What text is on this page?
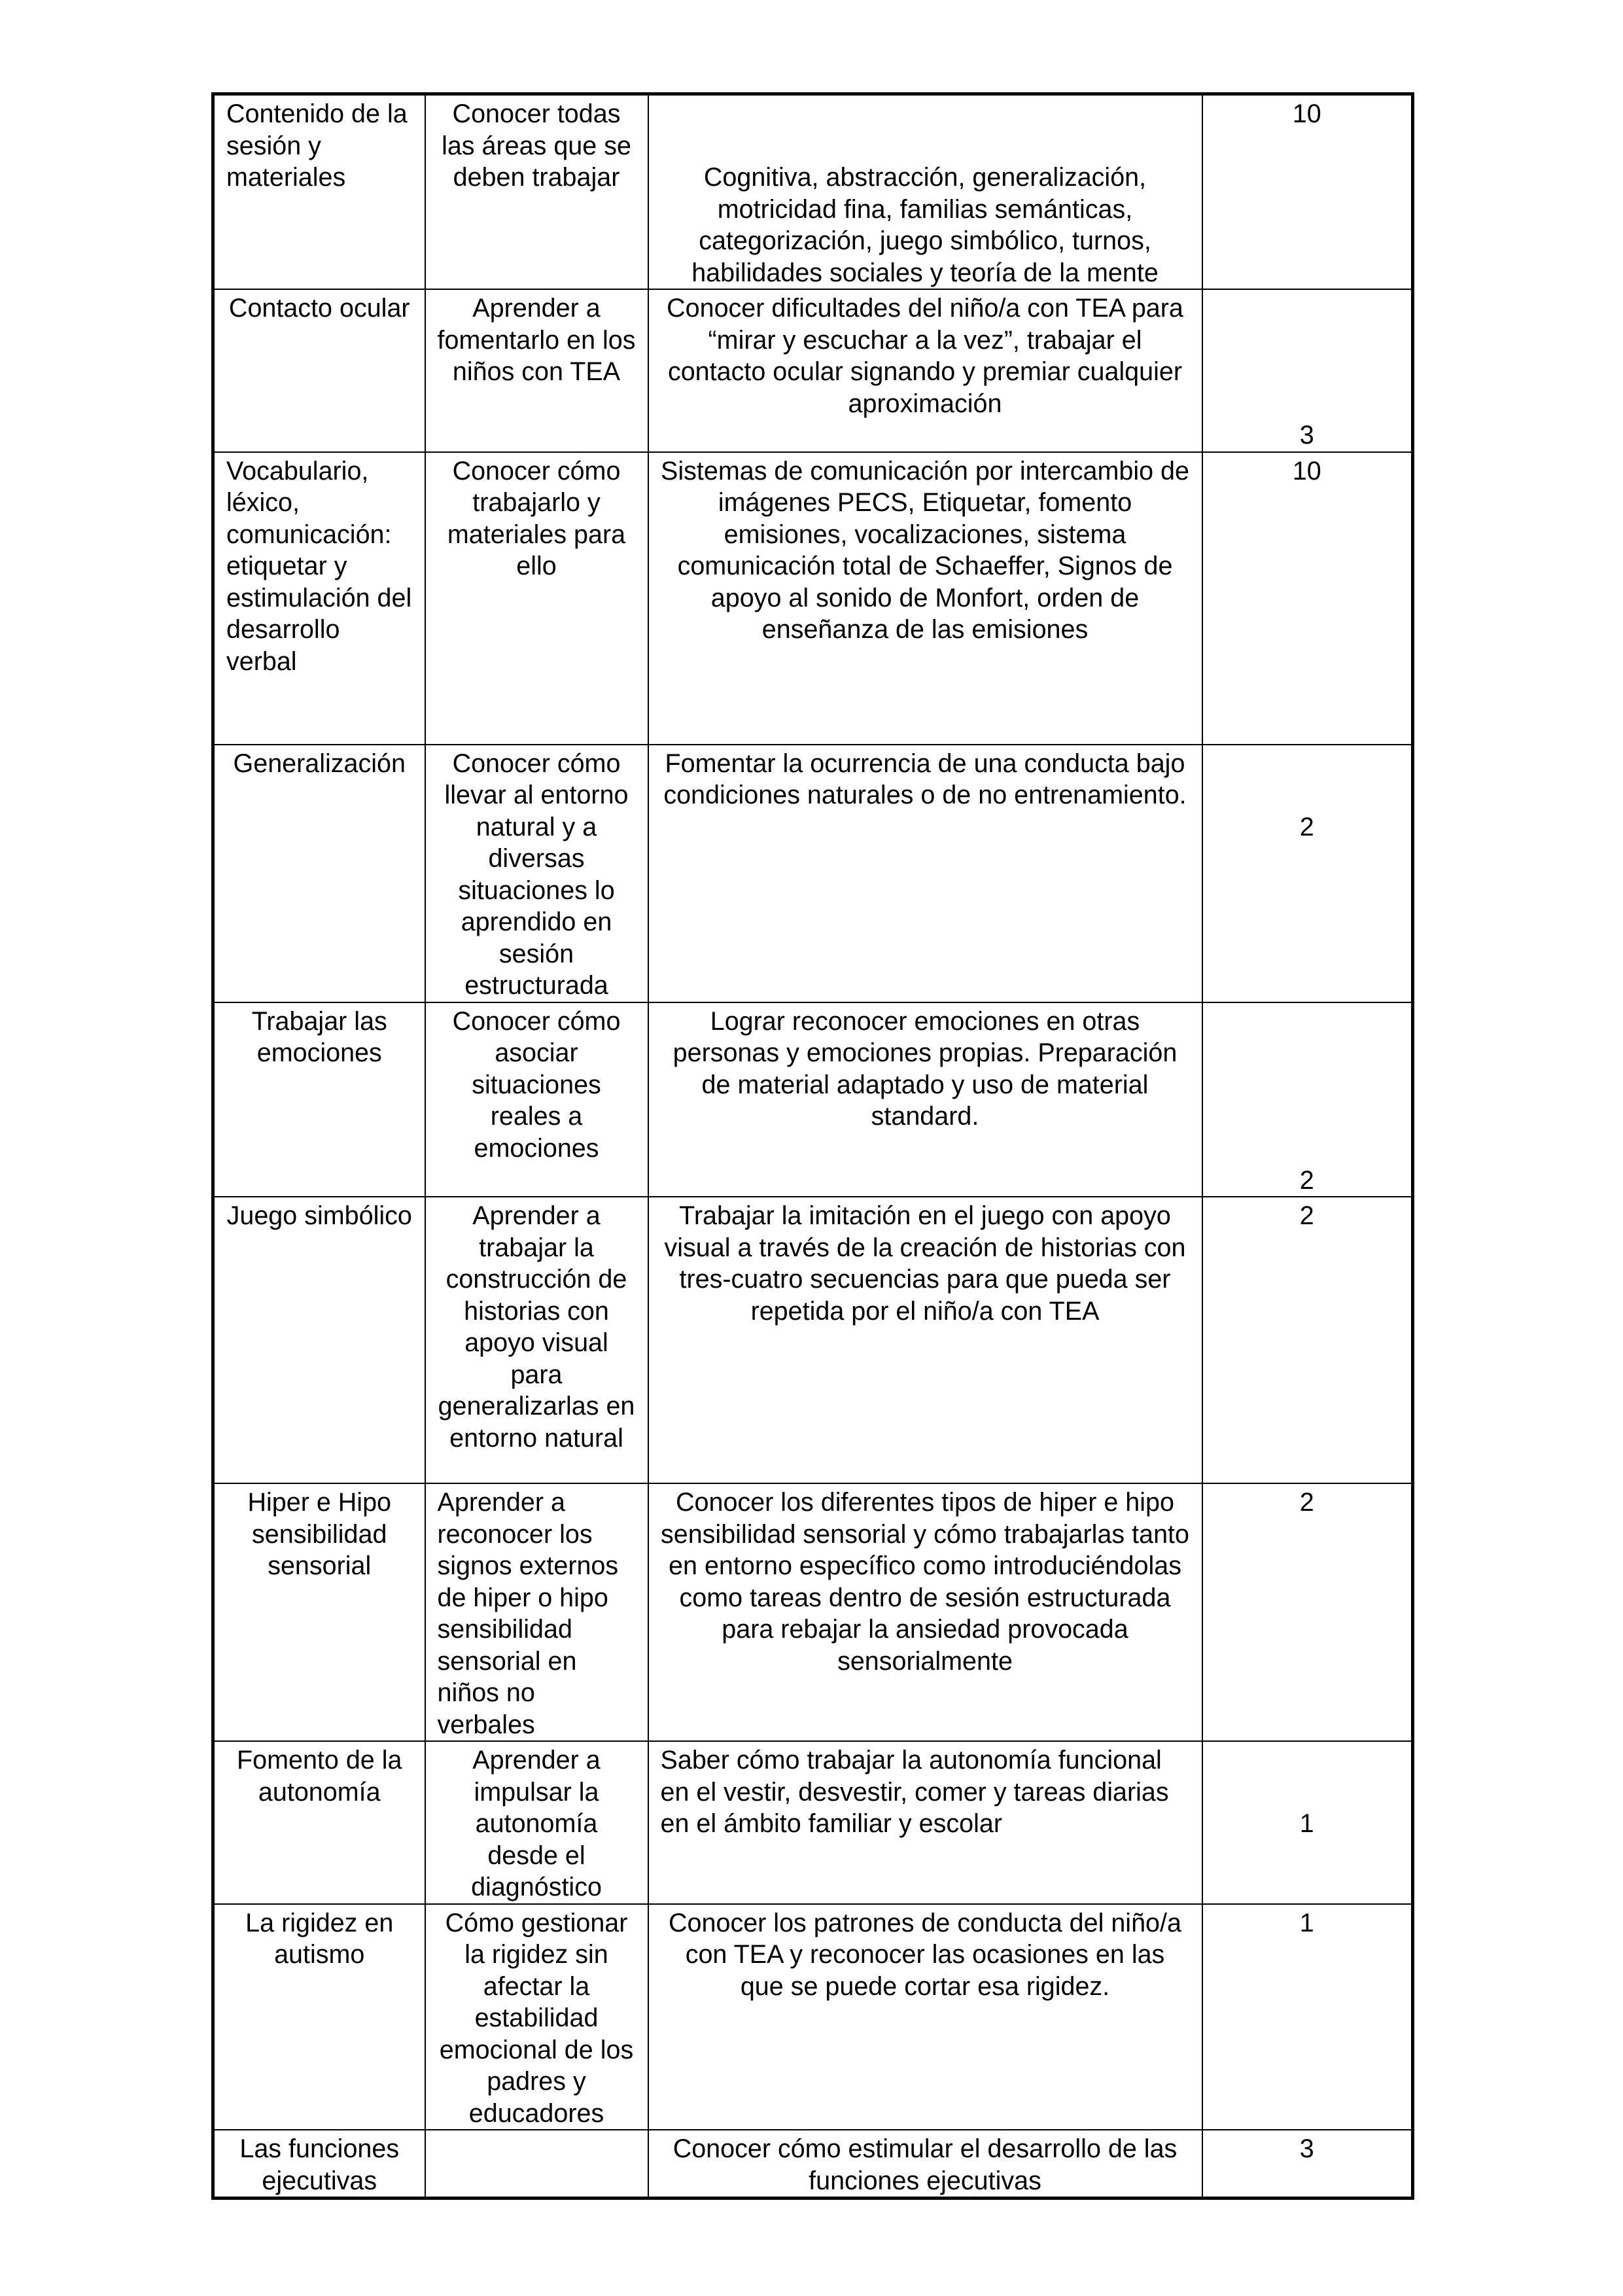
Contenido de la sesión y materiales	Conocer todas las áreas que se deben trabajar	Cognitiva, abstracción, generalización, motricidad fina, familias semánticas, categorización, juego simbólico, turnos, habilidades sociales y teoría de la mente	10
Contacto ocular	Aprender a fomentarlo en los niños con TEA	Conocer dificultades del niño/a con TEA para “mirar y escuchar a la vez”, trabajar el contacto ocular signando y premiar cualquier aproximación	3
Vocabulario, léxico, comunicación: etiquetar y estimulación del desarrollo verbal	Conocer cómo trabajarlo y materiales para ello	Sistemas de comunicación por intercambio de imágenes PECS, Etiquetar, fomento emisiones, vocalizaciones, sistema comunicación total de Schaeffer, Signos de apoyo al sonido de Monfort, orden de enseñanza de las emisiones	10
Generalización	Conocer cómo llevar al entorno natural y a diversas situaciones lo aprendido en sesión estructurada	Fomentar la ocurrencia de una conducta bajo condiciones naturales o de no entrenamiento.	2
Trabajar las emociones	Conocer cómo asociar situaciones reales a emociones	Lograr reconocer emociones en otras personas y emociones propias. Preparación de material adaptado y uso de material standard.	2
Juego simbólico	Aprender a trabajar la construcción de historias con apoyo visual para generalizarlas en entorno natural	Trabajar la imitación en el juego con apoyo visual a través de la creación de historias con tres-cuatro secuencias para que pueda ser repetida por el niño/a con TEA	2
Hiper e Hipo sensibilidad sensorial	Aprender a reconocer los signos externos de hiper o hipo sensibilidad sensorial en niños no verbales	Conocer los diferentes tipos de hiper e hipo sensibilidad sensorial y cómo trabajarlas tanto en entorno específico como introduciéndolas como tareas dentro de sesión estructurada para rebajar la ansiedad provocada sensorialmente	2
Fomento de la autonomía	Aprender a impulsar la autonomía desde el diagnóstico	Saber cómo trabajar la autonomía funcional en el vestir, desvestir, comer y tareas diarias en el ámbito familiar y escolar	1
La rigidez en autismo	Cómo gestionar la rigidez sin afectar la estabilidad emocional de los padres y educadores	Conocer los patrones de conducta del niño/a con TEA y reconocer las ocasiones en las que se puede cortar esa rigidez.	1
Las funciones ejecutivas		Conocer cómo estimular el desarrollo de las funciones ejecutivas	3
